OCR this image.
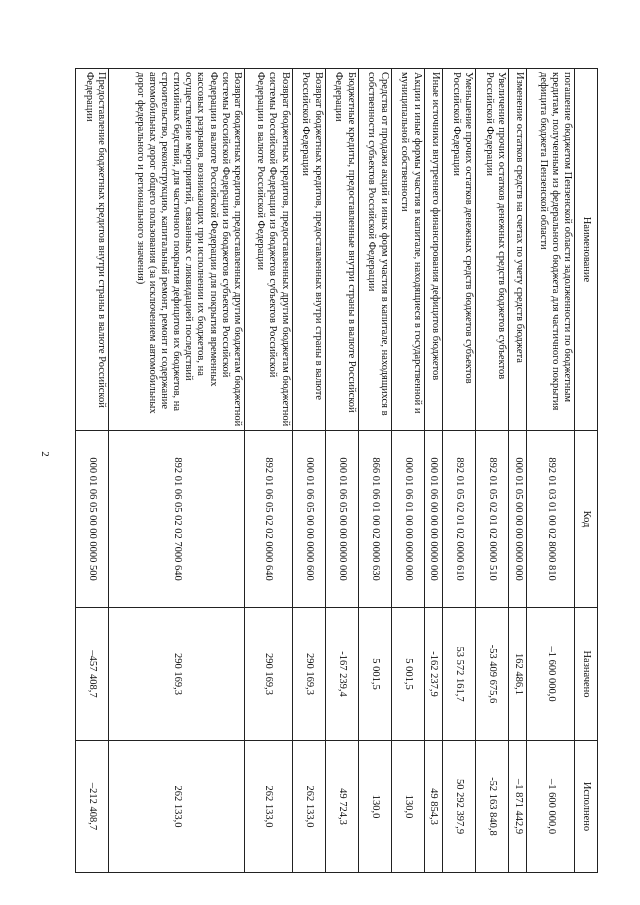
2
Наименование	Код	Назначено	Исполнено
погашение бюджетом Пензенской области задолженности по бюджетным кредитам, полученным из федерального бюджета для частичного покрытия дефицита бюджета Пензенской области	892 01 03 01 00 02 8000 810	–1 600 000,0	–1 600 000,0
Изменение остатков средств на счетах по учету средств бюджета	000 01 05 00 00 00 0000 000	162 486,1	–1 871 442,9
Увеличение прочих остатков денежных средств бюджетов субъектов Российской Федерации	892 01 05 02 01 02 0000 510	-53 409 675,6	-52 163 840,8
Уменьшение прочих остатков денежных средств бюджетов субъектов Российской Федерации	892 01 05 02 01 02 0000 610	53 572 161,7	50 292 397,9
Иные источники внутреннего финансирования дефицитов бюджетов	000 01 06 00 00 00 0000 000	-162 237,9	49 854,3
Акции и иные формы участия в капитале, находящиеся в государственной и муниципальной собственности	000 01 06 01 00 00 0000 000	5 001,5	130,0
Средства от продажи акций и иных форм участия в капитале, находящихся в собственности субъектов Российской Федерации	866 01 06 01 00 02 0000 630	5 001,5	130,0
Бюджетные кредиты, предоставленные внутри страны в валюте Российской Федерации	000 01 06 05 00 00 0000 000	-167 239,4	49 724,3
Возврат бюджетных кредитов, предоставленных внутри страны в валюте Российской Федерации	000 01 06 05 00 00 0000 600	290 169,3	262 133,0
Возврат бюджетных кредитов, предоставленных другим бюджетам бюджетной системы Российской Федерации из бюджетов субъектов Российской Федерации в валюте Российской Федерации	892 01 06 05 02 02 0000 640	290 169,3	262 133,0
Возврат бюджетных кредитов, предоставленных другим бюджетам бюджетной системы Российской Федерации из бюджетов субъектов Российской Федерации в валюте Российской Федерации для покрытия временных кассовых разрывов, возникающих при исполнении их бюджетов, на осуществление мероприятий, связанных с ликвидацией последствий стихийных бедствий, для частичного покрытия дефицитов их бюджетов, на строительство, реконструкцию, капитальный ремонт, ремонт и содержание автомобильных дорог общего пользования (за исключением автомобильных дорог федерального и регионального значения)	892 01 06 05 02 02 7000 640	290 169,3	262 133,0
Предоставление бюджетных кредитов внутри страны в валюте Российской Федерации	000 01 06 05 00 00 0000 500	–457 408,7	–212 408,7
